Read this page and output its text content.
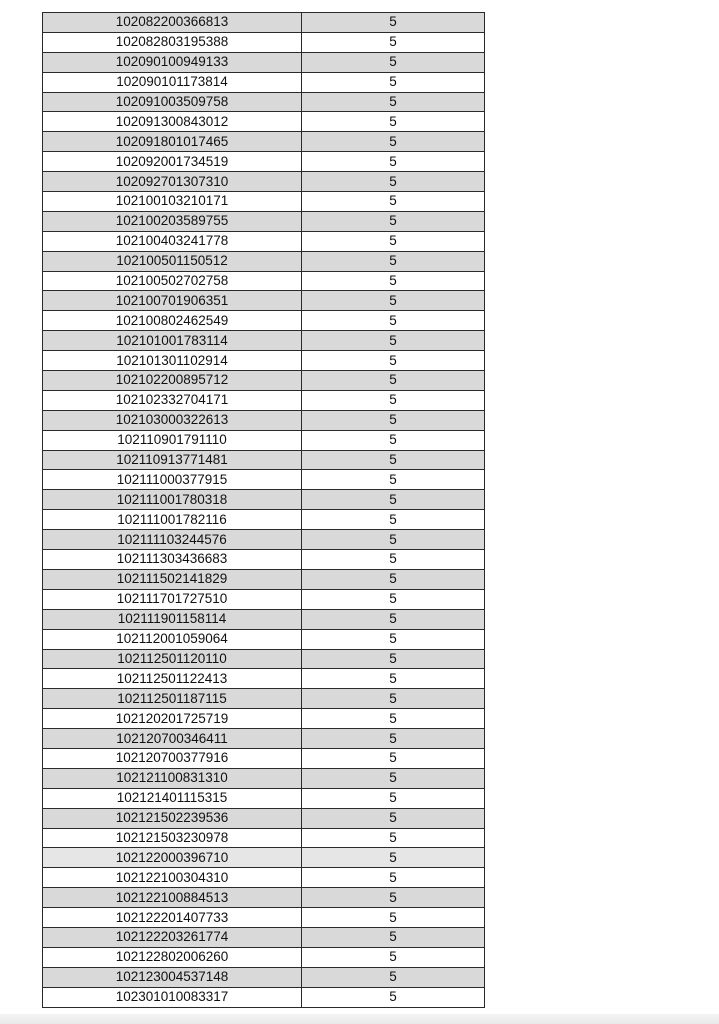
102082200366813	5
102082803195388	5
102090100949133	5
102090101173814	5
102091003509758	5
102091300843012	5
102091801017465	5
102092001734519	5
102092701307310	5
102100103210171	5
102100203589755	5
102100403241778	5
102100501150512	5
102100502702758	5
102100701906351	5
102100802462549	5
102101001783114	5
102101301102914	5
102102200895712	5
102102332704171	5
102103000322613	5
102110901791110	5
102110913771481	5
102111000377915	5
102111001780318	5
102111001782116	5
102111103244576	5
102111303436683	5
102111502141829	5
102111701727510	5
102111901158114	5
102112001059064	5
102112501120110	5
102112501122413	5
102112501187115	5
102120201725719	5
102120700346411	5
102120700377916	5
102121100831310	5
102121401115315	5
102121502239536	5
102121503230978	5
102122000396710	5
102122100304310	5
102122100884513	5
102122201407733	5
102122203261774	5
102122802006260	5
102123004537148	5
102301010083317	5
